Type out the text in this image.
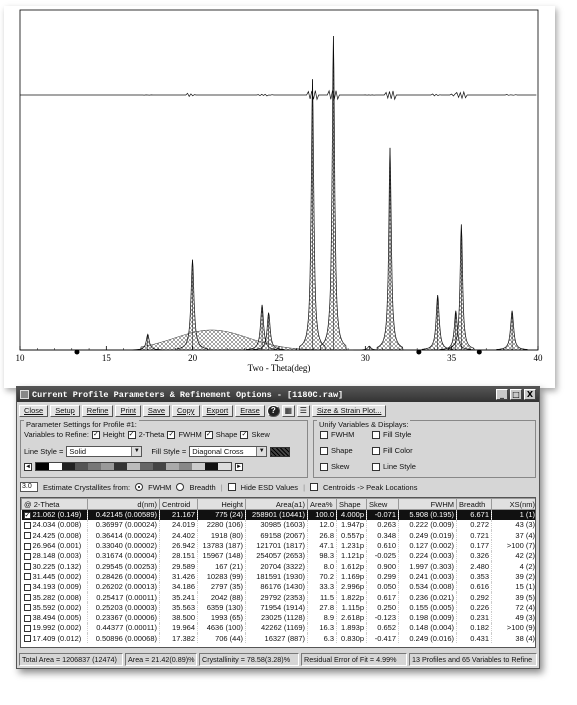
10	15	20	25	30	35	40
Two - Theta(deg)
Current Profile Parameters & Refinement Options - [1180C.raw]	_	□ X
Close	Setup	Refine	Print	Save	Copy	Export	Erase	?	▦ ☰	Size & Strain Plot...
Parameter Settings for Profile #1:
Variables to Refine: ✓ Height ✓ 2-Theta ✓ FWHM ✓ Shape ✓ Skew
Line Style = Solid	▼ Fill Style = Diagonal Cross	▼
◄	►
Unify Variables & Displays:
FWHM	Fill Style
Shape	Fill Color
Skew	Line Style
3.0	Estimate Crystallites from: FWHM Breadth | Hide ESD Values | Centroids -> Peak Locations
@ 2-Theta	d(nm)	Centroid	Height	Area(a1)	Area%	Shape	Skew	FWHM	Breadth	XS(nm)
✓ 21.062 (0.149)	0.42145 (0.00589)	21.167	775 (24)	258901 (10441)	100.0	4.000p	-0.071	5.908 (0.195)	6.671	1 (1)
24.034 (0.008)	0.36997 (0.00024)	24.019	2280 (106)	30985 (1603)	12.0	1.947p	0.263	0.222 (0.009)	0.272	43 (3)
24.425 (0.008)	0.36414 (0.00024)	24.402	1918 (80)	69158 (2067)	26.8	0.557p	0.348	0.249 (0.019)	0.721	37 (4)
26.964 (0.001)	0.33040 (0.00002)	26.942	13783 (187)	121701 (1817)	47.1	1.231p	0.610	0.127 (0.002)	0.177	>100 (7)
28.148 (0.003)	0.31674 (0.00004)	28.151	15967 (148)	254057 (2653)	98.3	1.121p	-0.025	0.224 (0.003)	0.326	42 (2)
30.225 (0.132)	0.29545 (0.00253)	29.589	167 (21)	20704 (3322)	8.0	1.612p	0.900	1.997 (0.303)	2.480	4 (2)
31.445 (0.002)	0.28426 (0.00004)	31.426	10283 (99)	181591 (1930)	70.2	1.169p	0.299	0.241 (0.003)	0.353	39 (2)
34.193 (0.009)	0.26202 (0.00013)	34.186	2797 (35)	86176 (1430)	33.3	2.996p	0.050	0.534 (0.008)	0.616	15 (1)
35.282 (0.008)	0.25417 (0.00011)	35.241	2042 (88)	29792 (2353)	11.5	1.822p	0.617	0.236 (0.021)	0.292	39 (5)
35.592 (0.002)	0.25203 (0.00003)	35.563	6359 (130)	71954 (1914)	27.8	1.115p	0.250	0.155 (0.005)	0.226	72 (4)
38.494 (0.005)	0.23367 (0.00006)	38.500	1993 (65)	23025 (1128)	8.9	2.618p	-0.123	0.198 (0.009)	0.231	49 (3)
19.992 (0.002)	0.44377 (0.00011)	19.964	4636 (100)	42262 (1169)	16.3	1.893p	0.652	0.148 (0.004)	0.182	>100 (9)
17.409 (0.012)	0.50896 (0.00068)	17.382	706 (44)	16327 (887)	6.3	0.830p	-0.417	0.249 (0.016)	0.431	38 (4)
Total Area = 1206837 (12474)	Area = 21.42(0.89)%	Crystallinity = 78.58(3.28)%	Residual Error of Fit = 4.99%	13 Profiles and 65 Variables to Refine
